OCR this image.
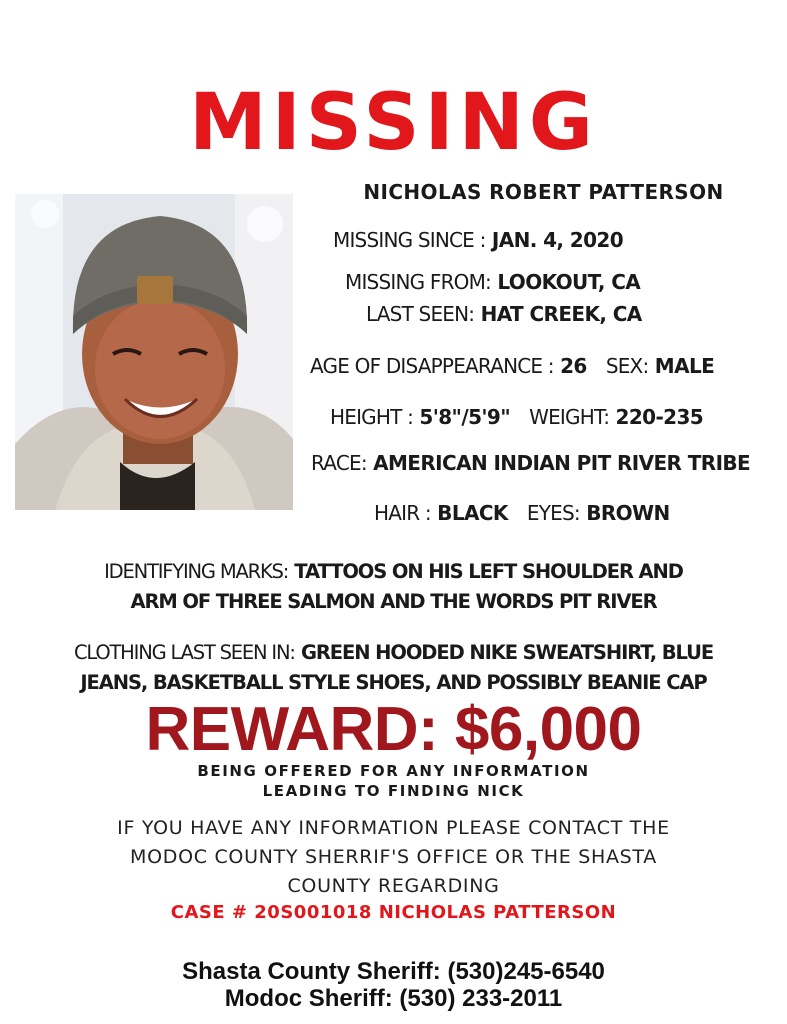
MISSING
NICHOLAS ROBERT PATTERSON
MISSING SINCE : JAN. 4, 2020
MISSING FROM: LOOKOUT, CA
LAST SEEN: HAT CREEK, CA
AGE OF DISAPPEARANCE : 26 SEX: MALE
HEIGHT : 5'8"/5'9" WEIGHT: 220-235
RACE: AMERICAN INDIAN PIT RIVER TRIBE
HAIR : BLACK EYES: BROWN
IDENTIFYING MARKS: TATTOOS ON HIS LEFT SHOULDER AND
ARM OF THREE SALMON AND THE WORDS PIT RIVER
CLOTHING LAST SEEN IN: GREEN HOODED NIKE SWEATSHIRT, BLUE
JEANS, BASKETBALL STYLE SHOES, AND POSSIBLY BEANIE CAP
REWARD: $6,000
BEING OFFERED FOR ANY INFORMATION
LEADING TO FINDING NICK
IF YOU HAVE ANY INFORMATION PLEASE CONTACT THE
MODOC COUNTY SHERRIF'S OFFICE OR THE SHASTA
COUNTY REGARDING
CASE # 20S001018 NICHOLAS PATTERSON
Shasta County Sheriff: (530)245-6540
Modoc Sheriff: (530) 233-2011
